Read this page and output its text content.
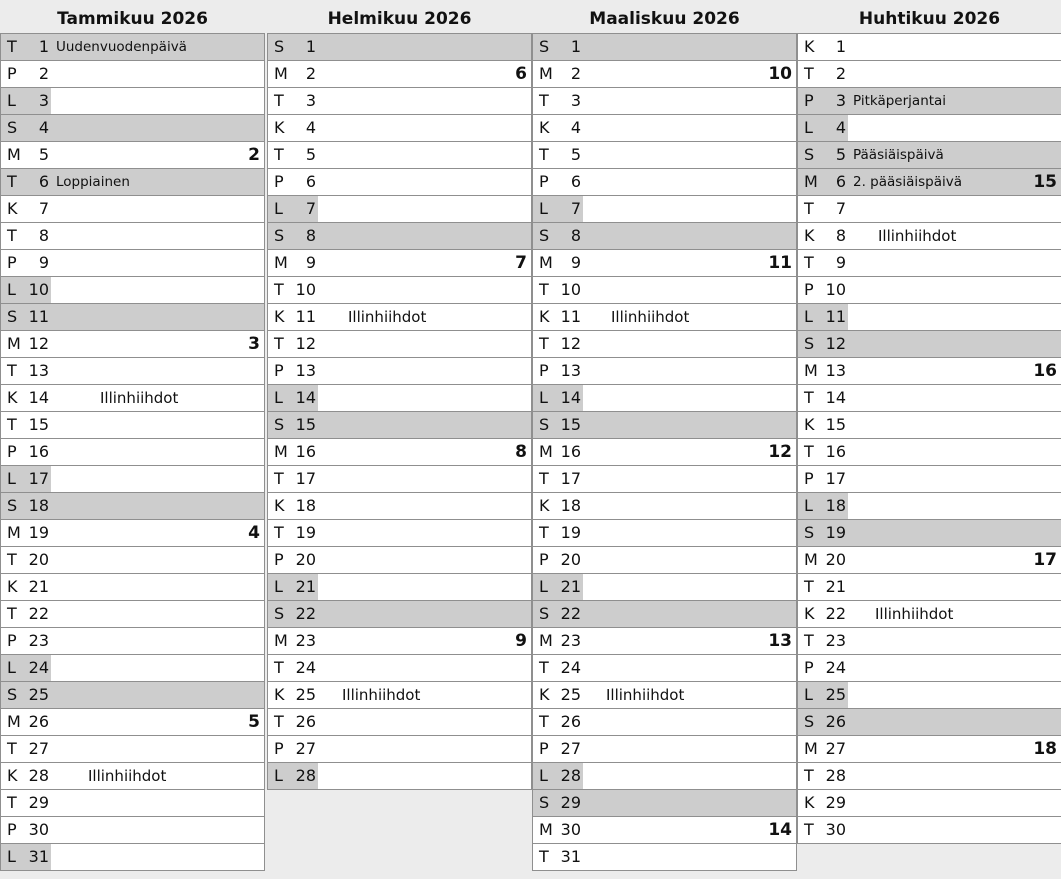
Tammikuu 2026
T	1 Uudenvuodenpäivä
P	2
L	3
S	4
M	5	2
T	6 Loppiainen
K	7
T	8
P	9
L 10
S 11
M 12	3
T 13
K 14	Illinhiihdot
T 15
P 16
L 17
S 18
M 19	4
T 20
K 21
T 22
P 23
L 24
S 25
M 26	5
T 27
K 28	Illinhiihdot
T 29
P 30
L 31
Helmikuu 2026
S	1
M	2	6
T	3
K	4
T	5
P	6
L	7
S	8
M	9	7
T 10
K 11 Illinhiihdot
T 12
P 13
L 14
S 15
M 16	8
T 17
K 18
T 19
P 20
L 21
S 22
M 23	9
T 24
K 25 Illinhiihdot
T 26
P 27
L 28
Maaliskuu 2026
S	1
M	2	10
T	3
K	4
T	5
P	6
L	7
S	8
M	9	11
T 10
K 11 Illinhiihdot
T 12
P 13
L 14
S 15
M 16	12
T 17
K 18
T 19
P 20
L 21
S 22
M 23	13
T 24
K 25 Illinhiihdot
T 26
P 27
L 28
S 29
M 30	14
T 31
Huhtikuu 2026
K	1
T	2
P	3 Pitkäperjantai
L	4
S	5 Pääsiäispäivä
M	6 2. pääsiäispäivä	15
T	7
K	8 Illinhiihdot
T	9
P 10
L 11
S 12
M 13	16
T 14
K 15
T 16
P 17
L 18
S 19
M 20	17
T 21
K 22 Illinhiihdot
T 23
P 24
L 25
S 26
M 27	18
T 28
K 29
T 30
